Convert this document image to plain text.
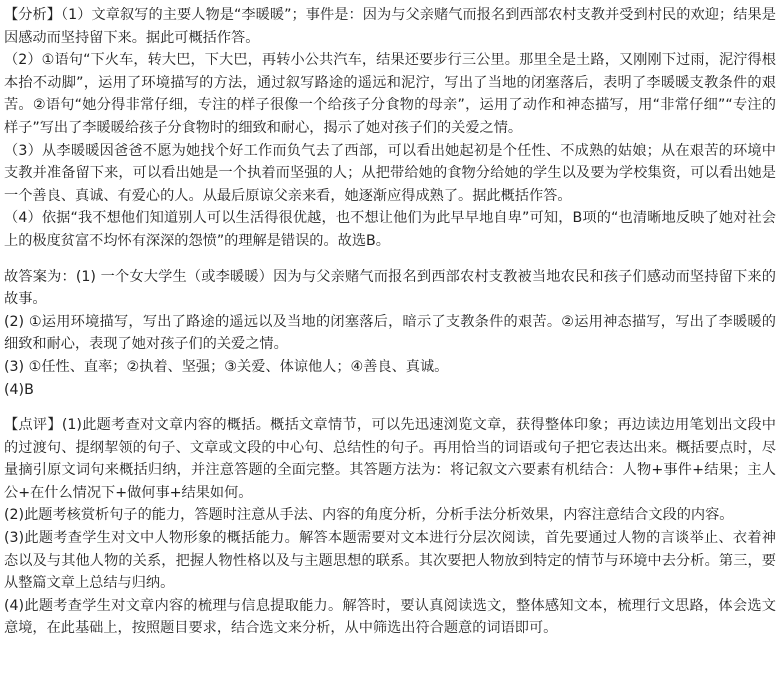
【分析】（1）文章叙写的主要人物是“李暖暖”；事件是：因为与父亲赌气而报名到西部农村支教并受到村民的欢迎；结果是因感动而坚持留下来。据此可概括作答。

（2）①语句“下火车，转大巴，下大巴，再转小公共汽车，结果还要步行三公里。那里全是土路，又刚刚下过雨，泥泞得根本抬不动脚”，运用了环境描写的方法，通过叙写路途的遥远和泥泞，写出了当地的闭塞落后，表明了李暖暖支教条件的艰苦。②语句“她分得非常仔细，专注的样子很像一个给孩子分食物的母亲”，运用了动作和神态描写，用“非常仔细”“专注的样子”写出了李暖暖给孩子分食物时的细致和耐心，揭示了她对孩子们的关爱之情。

（3）从李暖暖因爸爸不愿为她找个好工作而负气去了西部，可以看出她起初是个任性、不成熟的姑娘；从在艰苦的环境中支教并准备留下来，可以看出她是一个执着而坚强的人；从把带给她的食物分给她的学生以及要为学校集资，可以看出她是一个善良、真诚、有爱心的人。从最后原谅父亲来看，她逐渐应得成熟了。据此概括作答。

（4）依据“我不想他们知道别人可以生活得很优越，也不想让他们为此早早地自卑”可知，B项的“也清晰地反映了她对社会上的极度贫富不均怀有深深的怨愤”的理解是错误的。故选B。

故答案为：(1) 一个女大学生（或李暖暖）因为与父亲赌气而报名到西部农村支教被当地农民和孩子们感动而坚持留下来的故事。

(2) ①运用环境描写，写出了路途的遥远以及当地的闭塞落后，暗示了支教条件的艰苦。②运用神态描写，写出了李暖暖的细致和耐心，表现了她对孩子们的关爱之情。

(3) ①任性、直率；②执着、坚强；③关爱、体谅他人；④善良、真诚。

(4)B

【点评】(1)此题考查对文章内容的概括。概括文章情节，可以先迅速浏览文章，获得整体印象；再边读边用笔划出文段中的过渡句、提纲挈领的句子、文章或文段的中心句、总结性的句子。再用恰当的词语或句子把它表达出来。概括要点时，尽量摘引原文词句来概括归纳，并注意答题的全面完整。其答题方法为：将记叙文六要素有机结合：人物+事件+结果；主人公+在什么情况下+做何事+结果如何。

(2)此题考核赏析句子的能力，答题时注意从手法、内容的角度分析，分析手法分析效果，内容注意结合文段的内容。

(3)此题考查学生对文中人物形象的概括能力。解答本题需要对文本进行分层次阅读，首先要通过人物的言谈举止、衣着神态以及与其他人物的关系，把握人物性格以及与主题思想的联系。其次要把人物放到特定的情节与环境中去分析。第三，要从整篇文章上总结与归纳。

(4)此题考查学生对文章内容的梳理与信息提取能力。解答时，要认真阅读选文，整体感知文本，梳理行文思路，体会选文意境，在此基础上，按照题目要求，结合选文来分析，从中筛选出符合题意的词语即可。
